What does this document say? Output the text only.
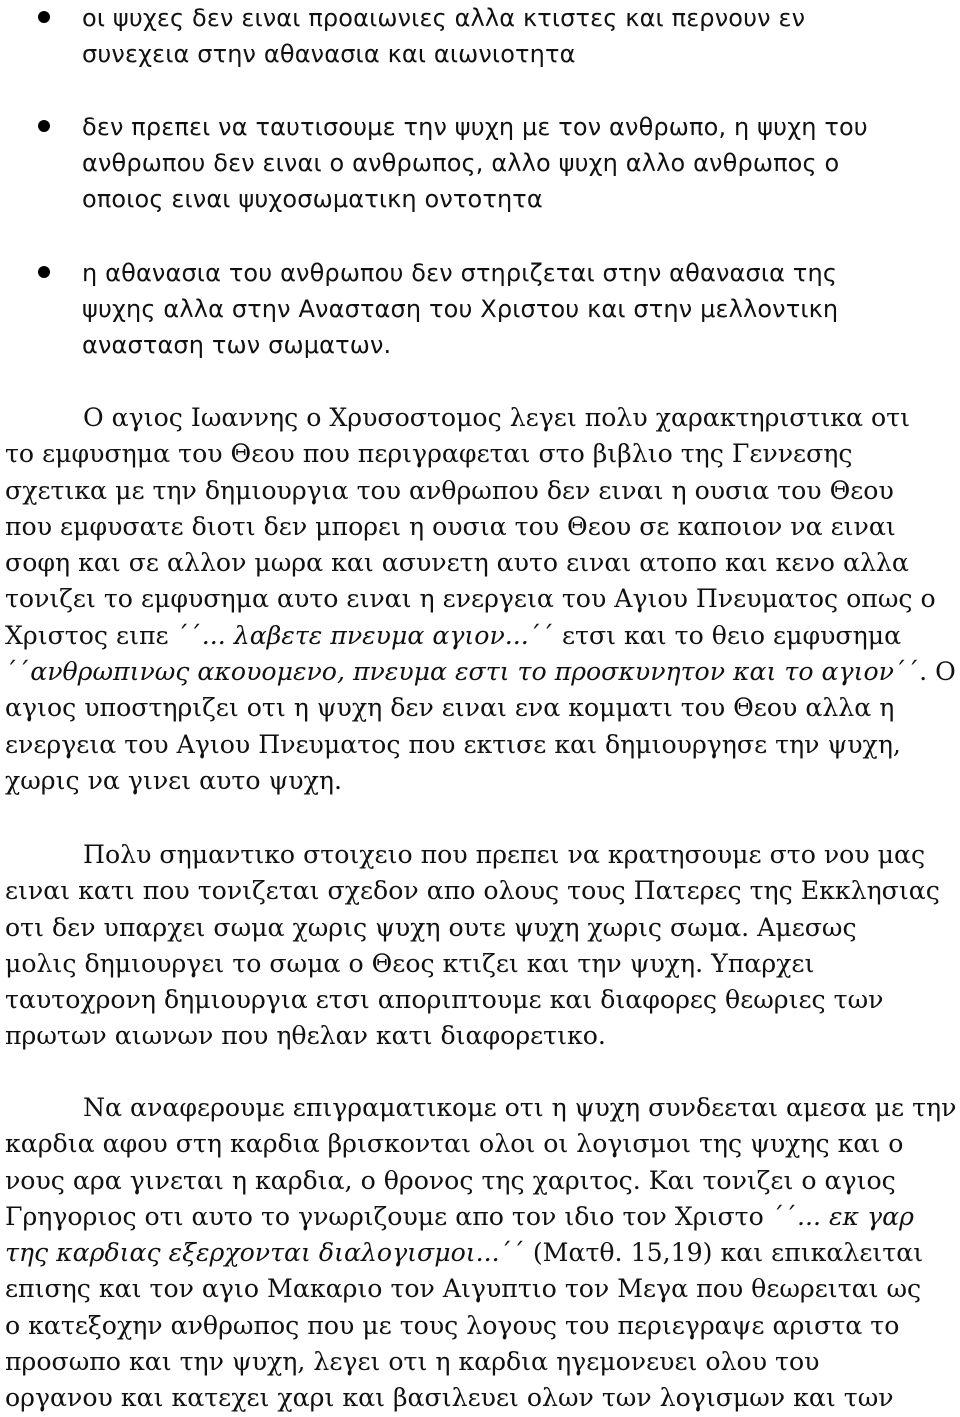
οι ψυχες δεν ειναι προαιωνιες αλλα κτιστες και περνουν εν
συνεχεια στην αθανασια και αιωνιοτητα
δεν πρεπει να ταυτισουμε την ψυχη με τον ανθρωπο, η ψυχη του
ανθρωπου δεν ειναι ο ανθρωπος, αλλο ψυχη αλλο ανθρωπος ο
οποιος ειναι ψυχοσωματικη οντοτητα
η αθανασια του ανθρωπου δεν στηριζεται στην αθανασια της
ψυχης αλλα στην Ανασταση του Χριστου και στην μελλοντικη
ανασταση των σωματων.
Ο αγιος Ιωαννης ο Χρυσοστομος λεγει πολυ χαρακτηριστικα οτι
το εμφυσημα του Θεου που περιγραφεται στο βιβλιο της Γεννεσης
σχετικα με την δημιουργια του ανθρωπου δεν ειναι η ουσια του Θεου
που εμφυσατε διοτι δεν μπορει η ουσια του Θεου σε καποιον να ειναι
σοφη και σε αλλον μωρα και ασυνετη αυτο ειναι ατοπο και κενο αλλα
τονιζει το εμφυσημα αυτο ειναι η ενεργεια του Αγιου Πνευματος οπως ο
Χριστος ειπε ΄΄... λαβετε πνευμα αγιον...΄΄ ετσι και το θειο εμφυσημα
΄΄ανθρωπινως ακουομενο, πνευμα εστι το προσκυνητον και το αγιον΄΄. Ο
αγιος υποστηριζει οτι η ψυχη δεν ειναι ενα κομματι του Θεου αλλα η
ενεργεια του Αγιου Πνευματος που εκτισε και δημιουργησε την ψυχη,
χωρις να γινει αυτο ψυχη.
Πολυ σημαντικο στοιχειο που πρεπει να κρατησουμε στο νου μας
ειναι κατι που τονιζεται σχεδον απο ολους τους Πατερες της Εκκλησιας
οτι δεν υπαρχει σωμα χωρις ψυχη ουτε ψυχη χωρις σωμα. Αμεσως
μολις δημιουργει το σωμα ο Θεος κτιζει και την ψυχη. Υπαρχει
ταυτοχρονη δημιουργια ετσι αποριπτουμε και διαφορες θεωριες των
πρωτων αιωνων που ηθελαν κατι διαφορετικο.
Να αναφερουμε επιγραματικομε οτι η ψυχη συνδεεται αμεσα με την
καρδια αφου στη καρδια βρισκονται ολοι οι λογισμοι της ψυχης και ο
νους αρα γινεται η καρδια, ο θρονος της χαριτος. Και τονιζει ο αγιος
Γρηγοριος οτι αυτο το γνωριζουμε απο τον ιδιο τον Χριστο ΄΄... εκ γαρ
της καρδιας εξερχονται διαλογισμοι...΄΄ (Ματθ. 15,19) και επικαλειται
επισης και τον αγιο Μακαριο τον Αιγυπτιο τον Μεγα που θεωρειται ως
ο κατεξοχην ανθρωπος που με τους λογους του περιεγραψε αριστα το
προσωπο και την ψυχη, λεγει οτι η καρδια ηγεμονευει ολου του
οργανου και κατεχει χαρι και βασιλευει ολων των λογισμων και των
